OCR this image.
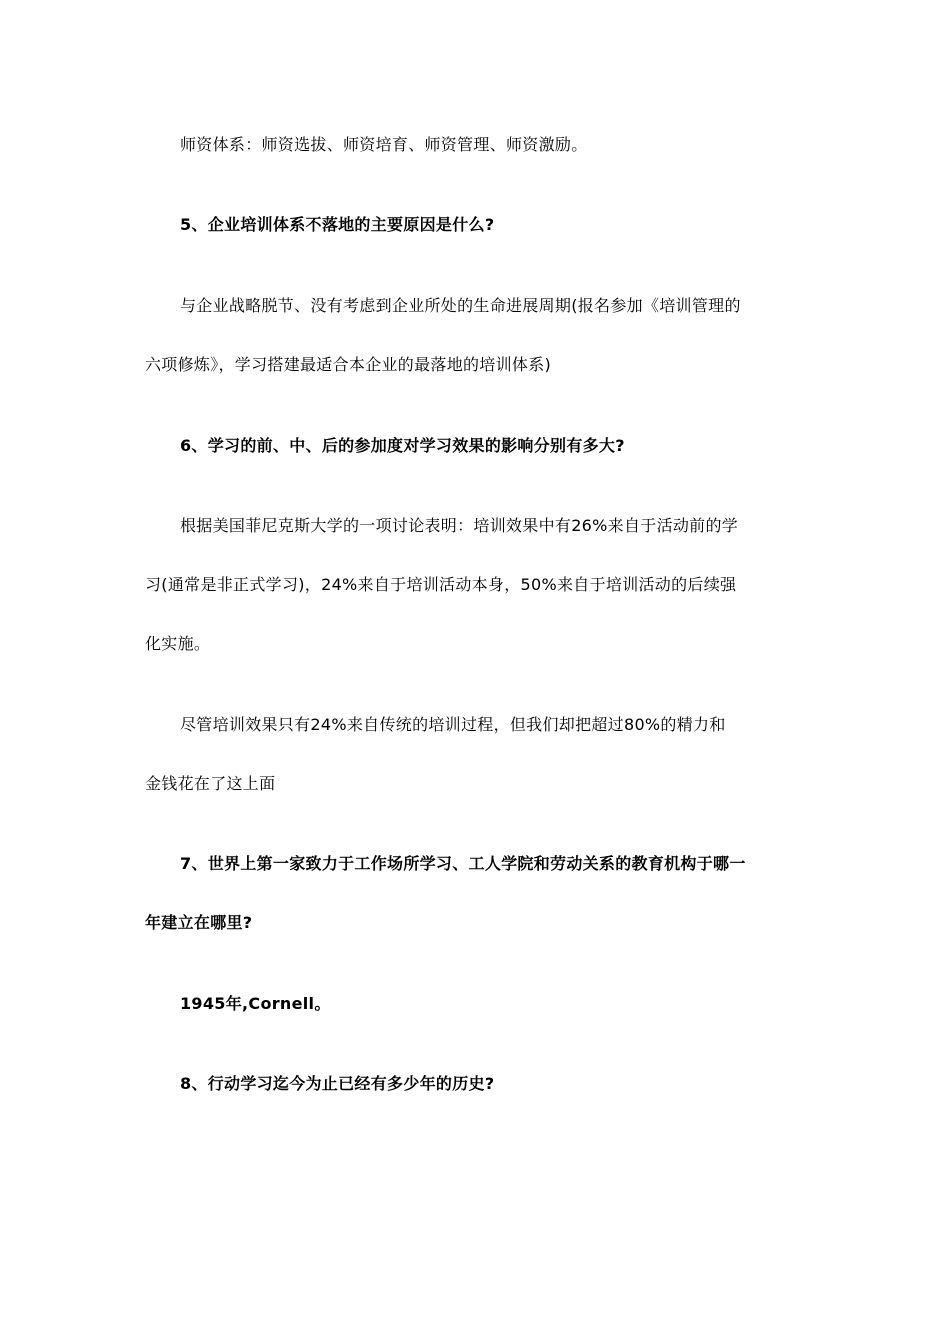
师资体系：师资选拔、师资培育、师资管理、师资激励。
5、企业培训体系不落地的主要原因是什么?
与企业战略脱节、没有考虑到企业所处的生命进展周期(报名参加《培训管理的
六项修炼》，学习搭建最适合本企业的最落地的培训体系)
6、学习的前、中、后的参加度对学习效果的影响分别有多大?
根据美国菲尼克斯大学的一项讨论表明：培训效果中有26%来自于活动前的学
习(通常是非正式学习)，24%来自于培训活动本身，50%来自于培训活动的后续强
化实施。
尽管培训效果只有24%来自传统的培训过程，但我们却把超过80%的精力和
金钱花在了这上面
7、世界上第一家致力于工作场所学习、工人学院和劳动关系的教育机构于哪一
年建立在哪里?
1945年,Cornell。
8、行动学习迄今为止已经有多少年的历史?
